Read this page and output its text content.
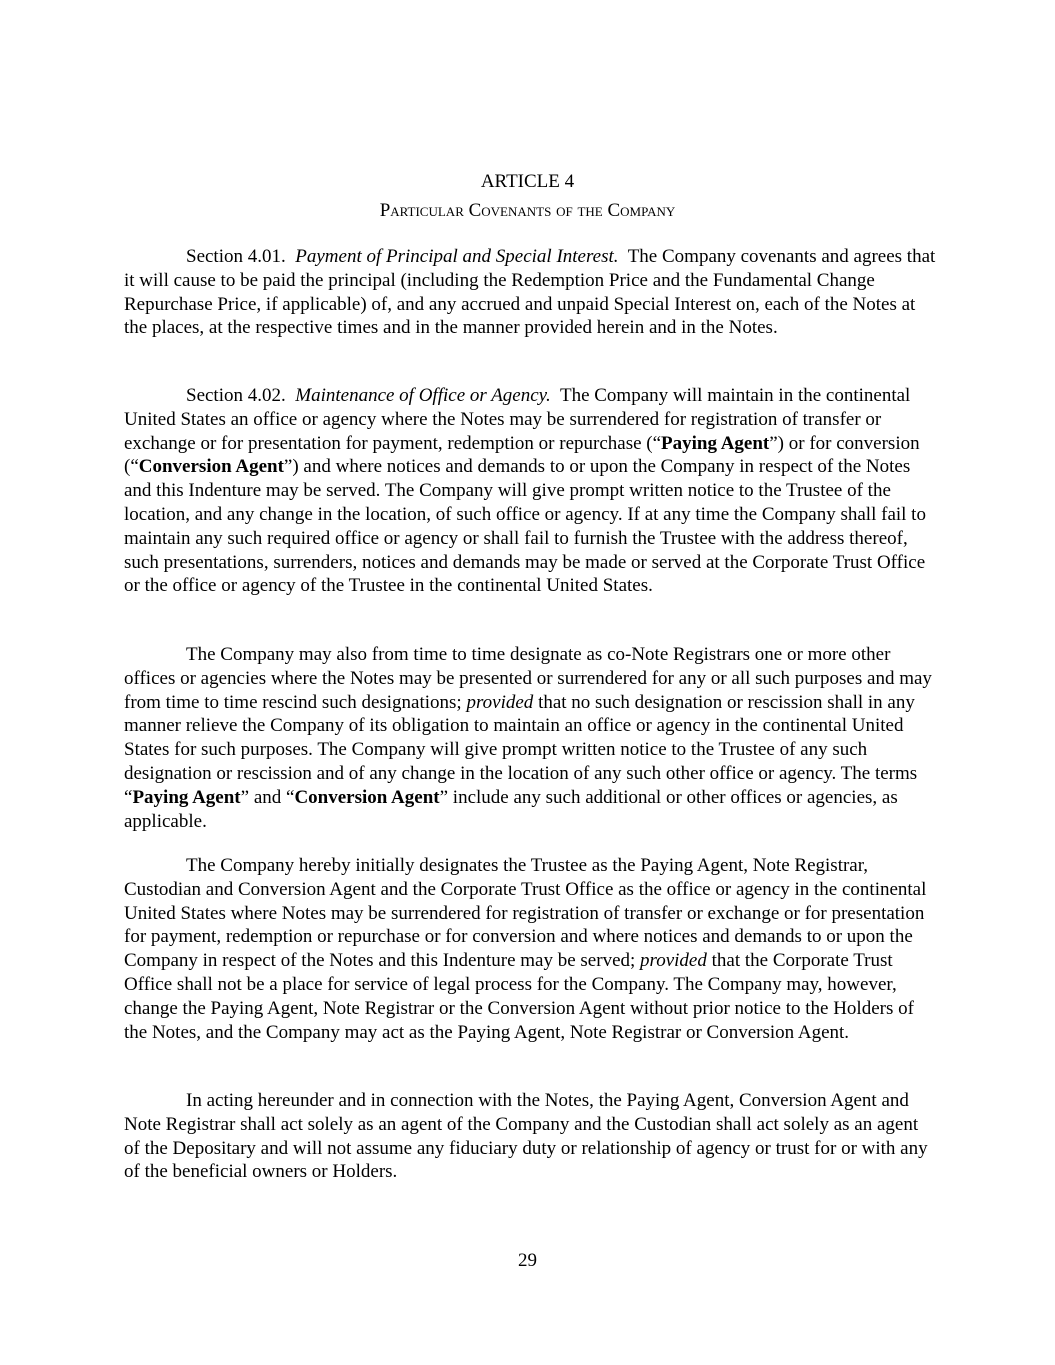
ARTICLE 4
Particular Covenants of the Company

Section 4.01. Payment of Principal and Special Interest. The Company covenants and agrees that it will cause to be paid the principal (including the Redemption Price and the Fundamental Change Repurchase Price, if applicable) of, and any accrued and unpaid Special Interest on, each of the Notes at the places, at the respective times and in the manner provided herein and in the Notes.

Section 4.02. Maintenance of Office or Agency. The Company will maintain in the continental United States an office or agency where the Notes may be surrendered for registration of transfer or exchange or for presentation for payment, redemption or repurchase (“Paying Agent”) or for conversion (“Conversion Agent”) and where notices and demands to or upon the Company in respect of the Notes and this Indenture may be served. The Company will give prompt written notice to the Trustee of the location, and any change in the location, of such office or agency. If at any time the Company shall fail to maintain any such required office or agency or shall fail to furnish the Trustee with the address thereof, such presentations, surrenders, notices and demands may be made or served at the Corporate Trust Office or the office or agency of the Trustee in the continental United States.

The Company may also from time to time designate as co-Note Registrars one or more other offices or agencies where the Notes may be presented or surrendered for any or all such purposes and may from time to time rescind such designations; provided that no such designation or rescission shall in any manner relieve the Company of its obligation to maintain an office or agency in the continental United States for such purposes. The Company will give prompt written notice to the Trustee of any such designation or rescission and of any change in the location of any such other office or agency. The terms “Paying Agent” and “Conversion Agent” include any such additional or other offices or agencies, as applicable.

The Company hereby initially designates the Trustee as the Paying Agent, Note Registrar, Custodian and Conversion Agent and the Corporate Trust Office as the office or agency in the continental United States where Notes may be surrendered for registration of transfer or exchange or for presentation for payment, redemption or repurchase or for conversion and where notices and demands to or upon the Company in respect of the Notes and this Indenture may be served; provided that the Corporate Trust Office shall not be a place for service of legal process for the Company. The Company may, however, change the Paying Agent, Note Registrar or the Conversion Agent without prior notice to the Holders of the Notes, and the Company may act as the Paying Agent, Note Registrar or Conversion Agent.

In acting hereunder and in connection with the Notes, the Paying Agent, Conversion Agent and Note Registrar shall act solely as an agent of the Company and the Custodian shall act solely as an agent of the Depositary and will not assume any fiduciary duty or relationship of agency or trust for or with any of the beneficial owners or Holders.

29
